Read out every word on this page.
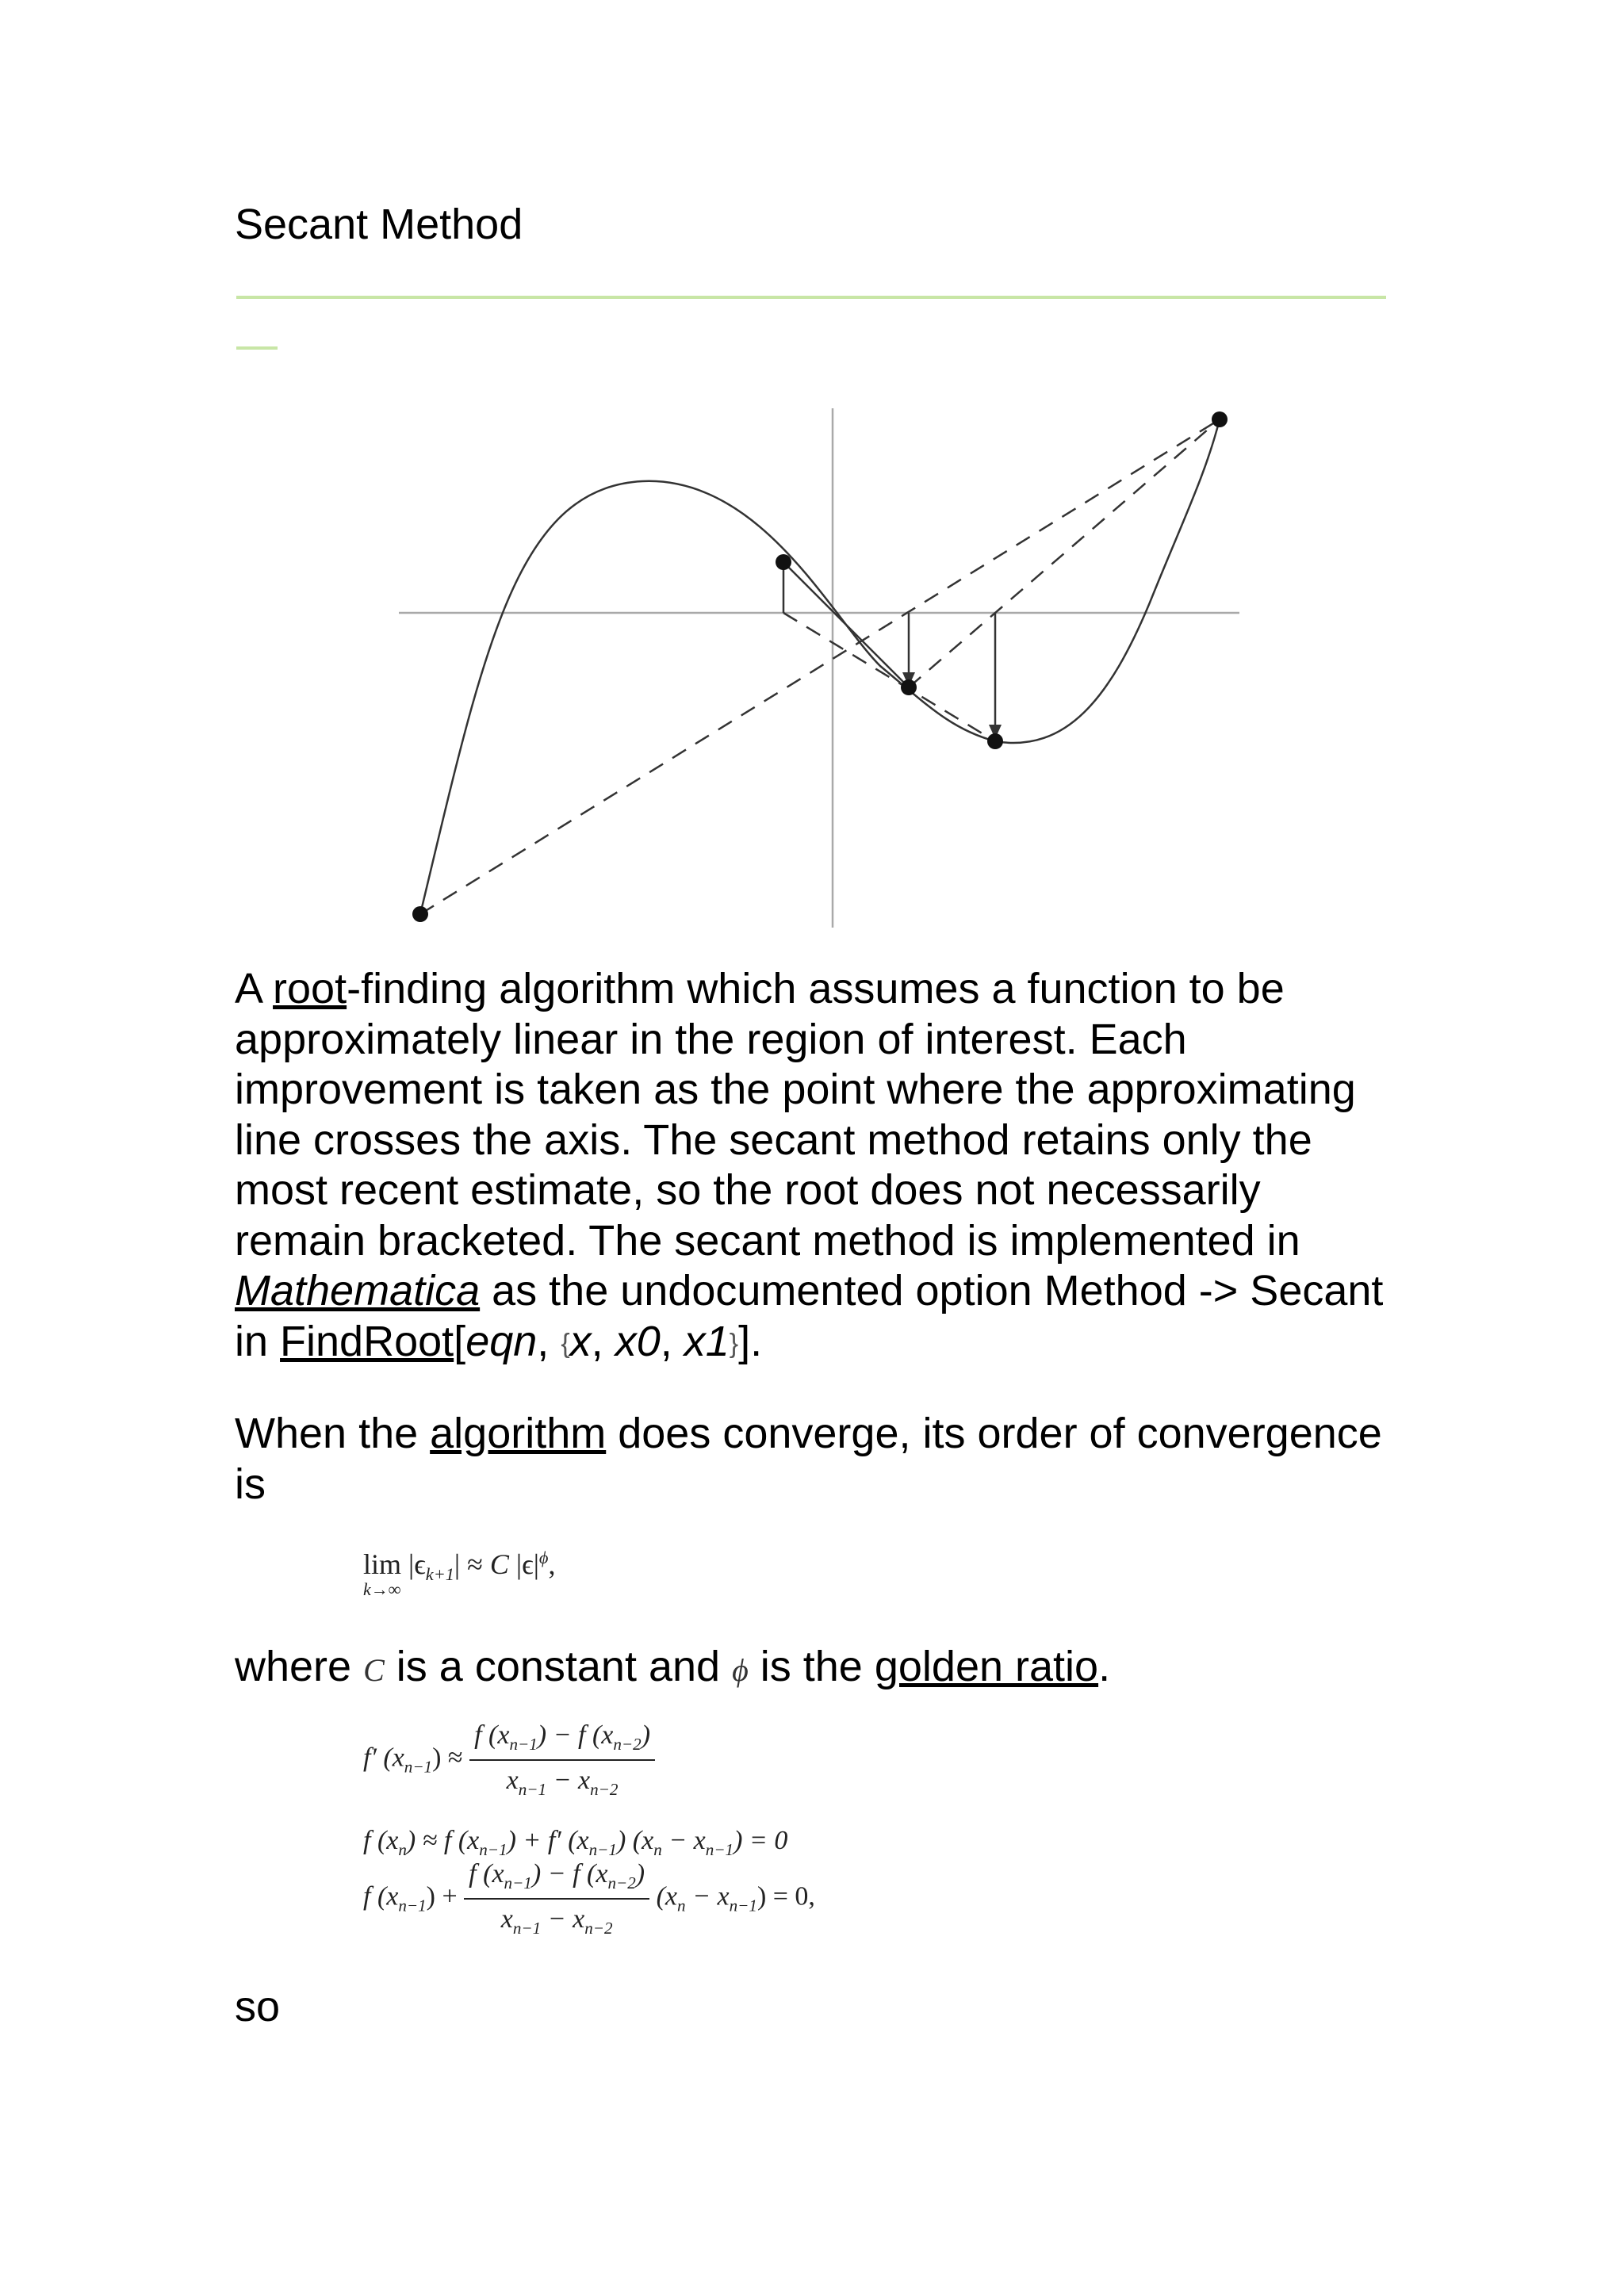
Secant Method
A root-finding algorithm which assumes a function to be approximately linear in the region of interest. Each improvement is taken as the point where the approximating line crosses the axis. The secant method retains only the most recent estimate, so the root does not necessarily remain bracketed. The secant method is implemented in Mathematica as the undocumented option Method -> Secant in FindRoot[eqn, {x, x0, x1}].
When the algorithm does converge, its order of convergence is
lim
k→∞
$|\epsilon_{k+1}| \approx C$ $|\epsilon|^\phi$,
where C is a constant and ϕ is the golden ratio.
f′ $(x_{n-1}) \approx \frac{f (x_{n-1}) - f (x_{n-2})}{x_{n-1} - x_{n-2}}$
f $(x_n) \approx f$ $(x_{n-1}) + f'$ $(x_{n-1}) (x_n - x_{n-1}) = 0$
f $(x_{n-1}) + \frac{f (x_{n-1}) - f (x_{n-2})}{x_{n-1} - x_{n-2}} (x_n - x_{n-1}) = 0$,
so
